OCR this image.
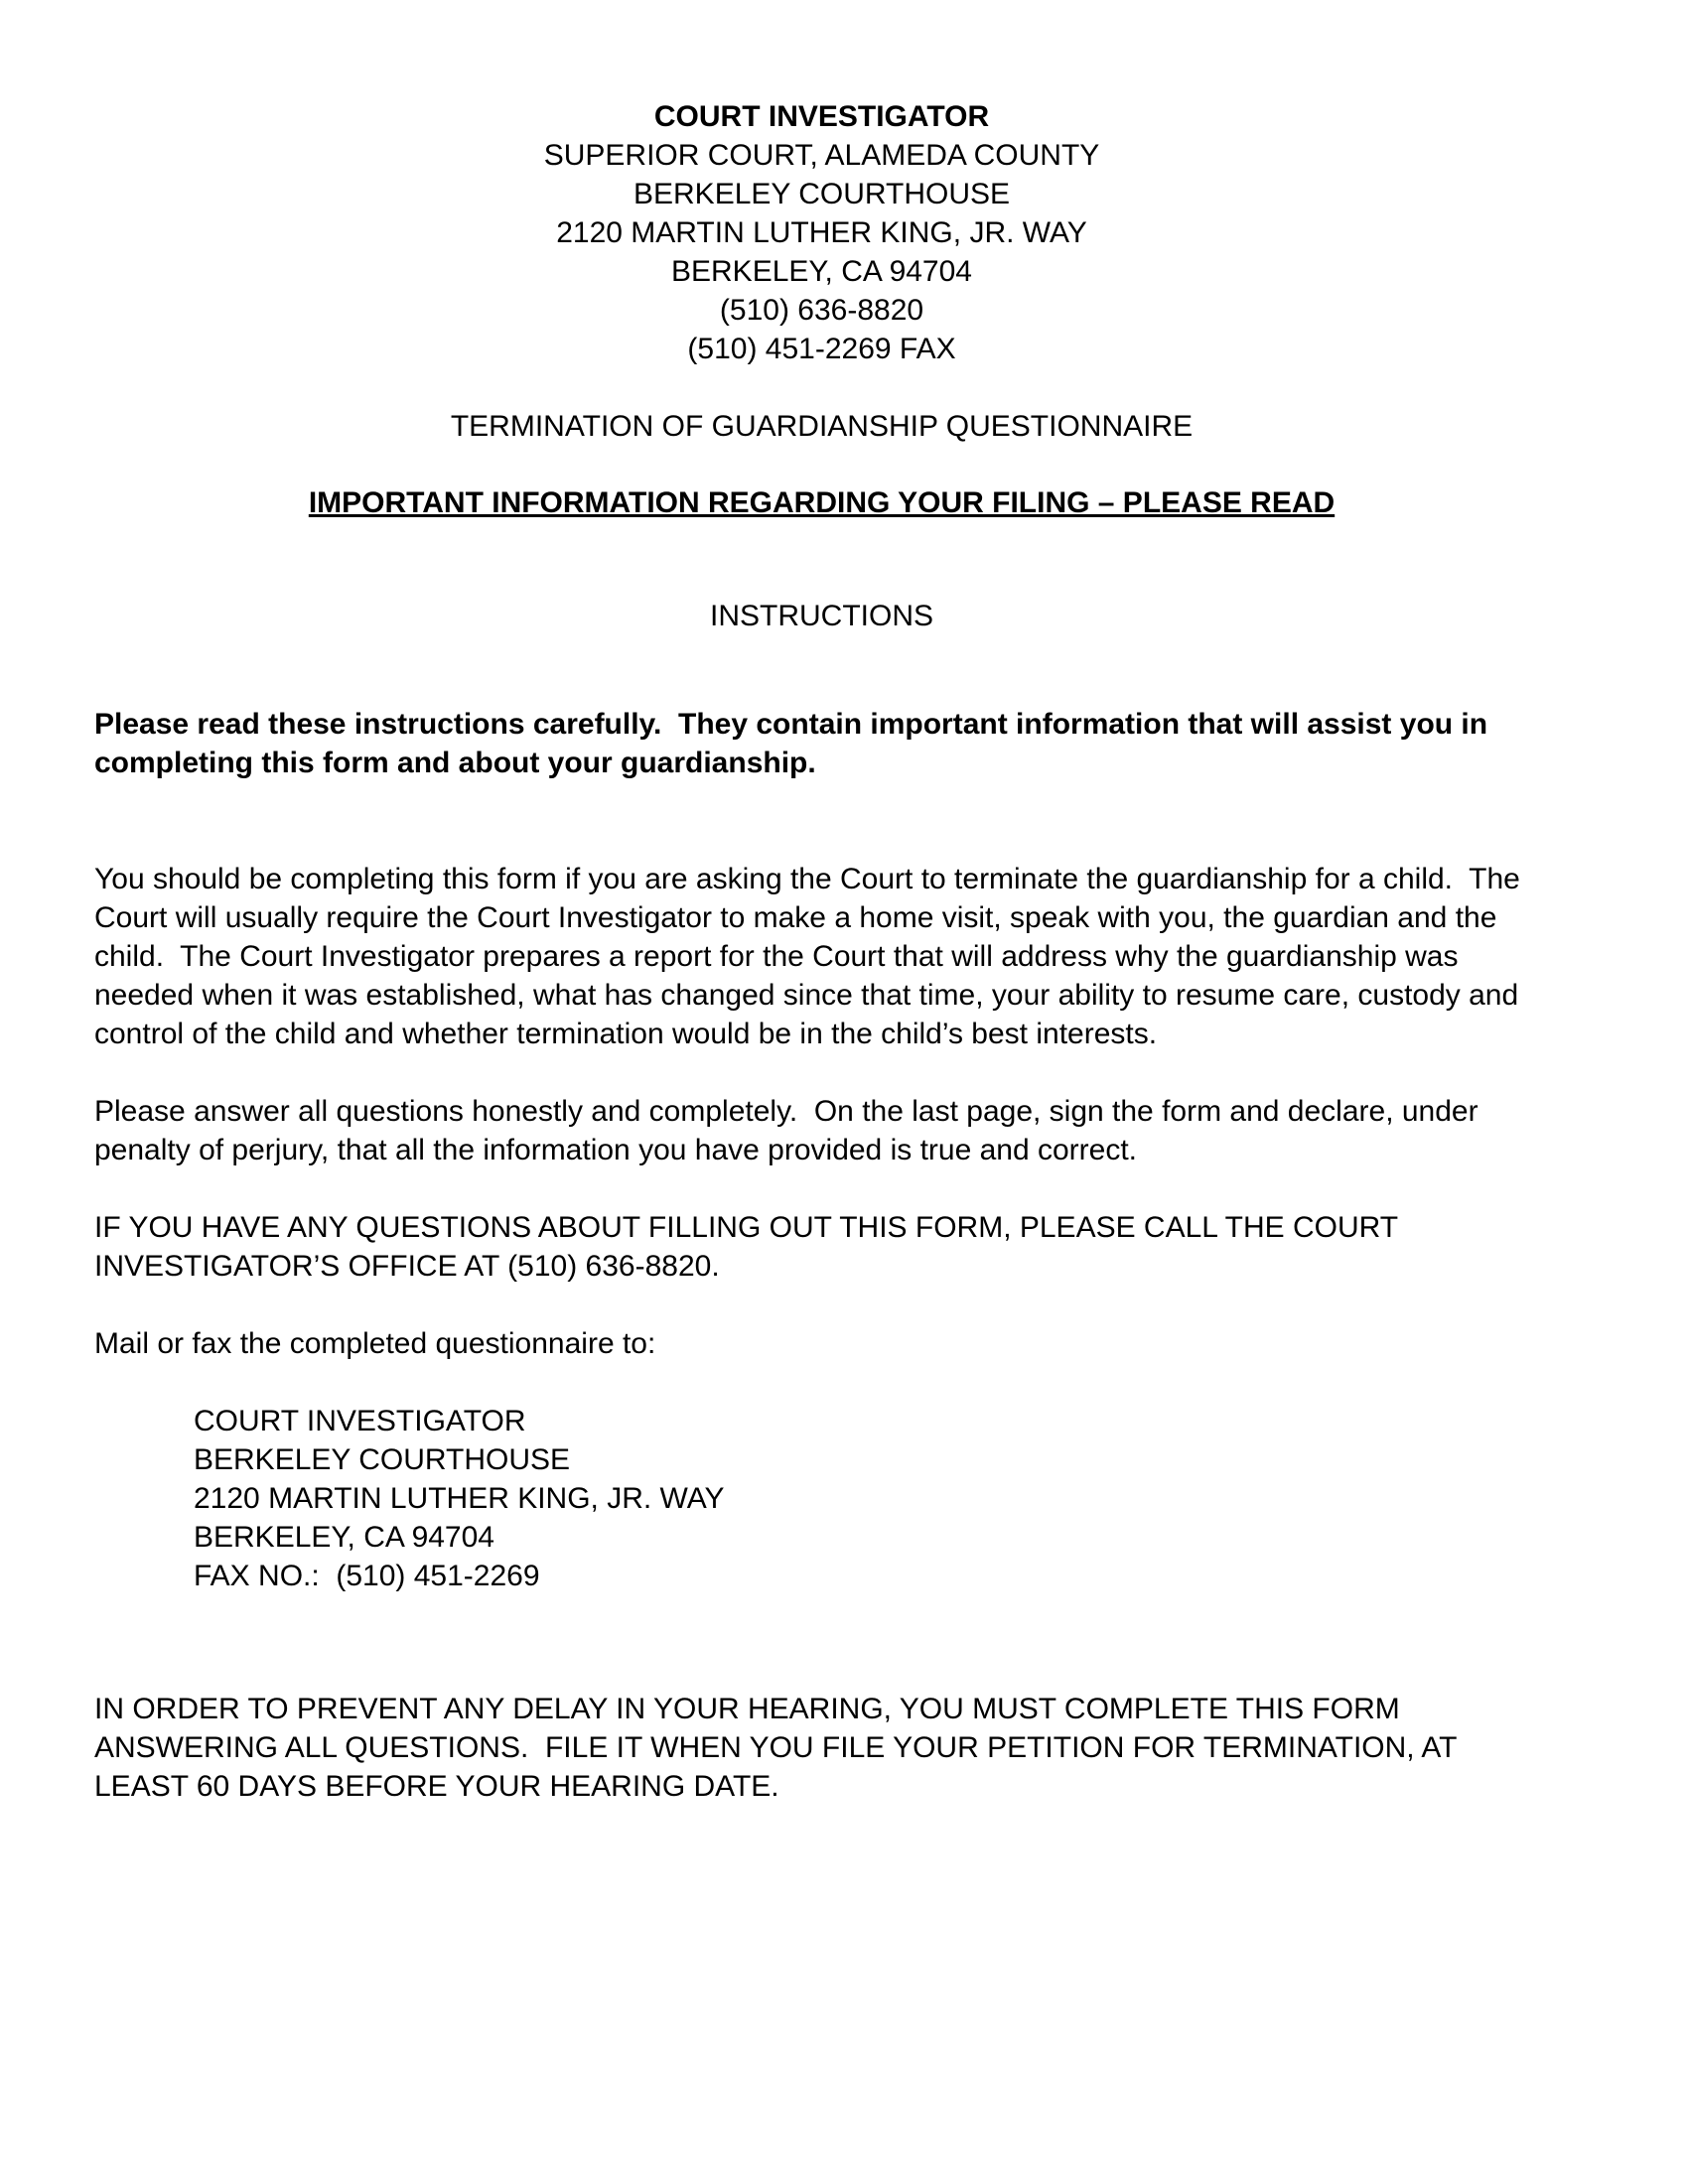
COURT INVESTIGATOR
SUPERIOR COURT, ALAMEDA COUNTY
BERKELEY COURTHOUSE
2120 MARTIN LUTHER KING, JR. WAY
BERKELEY, CA 94704
(510) 636-8820
(510) 451-2269 FAX
TERMINATION OF GUARDIANSHIP QUESTIONNAIRE
IMPORTANT INFORMATION REGARDING YOUR FILING – PLEASE READ
INSTRUCTIONS

Please read these instructions carefully.  They contain important information that will assist you in completing this form and about your guardianship.

You should be completing this form if you are asking the Court to terminate the guardianship for a child.  The Court will usually require the Court Investigator to make a home visit, speak with you, the guardian and the child.  The Court Investigator prepares a report for the Court that will address why the guardianship was needed when it was established, what has changed since that time, your ability to resume care, custody and control of the child and whether termination would be in the child’s best interests.

Please answer all questions honestly and completely.  On the last page, sign the form and declare, under penalty of perjury, that all the information you have provided is true and correct.

IF YOU HAVE ANY QUESTIONS ABOUT FILLING OUT THIS FORM, PLEASE CALL THE COURT INVESTIGATOR’S OFFICE AT (510) 636-8820.

Mail or fax the completed questionnaire to:

COURT INVESTIGATOR
BERKELEY COURTHOUSE
2120 MARTIN LUTHER KING, JR. WAY
BERKELEY, CA 94704
FAX NO.:  (510) 451-2269

IN ORDER TO PREVENT ANY DELAY IN YOUR HEARING, YOU MUST COMPLETE THIS FORM ANSWERING ALL QUESTIONS.  FILE IT WHEN YOU FILE YOUR PETITION FOR TERMINATION, AT LEAST 60 DAYS BEFORE YOUR HEARING DATE.
